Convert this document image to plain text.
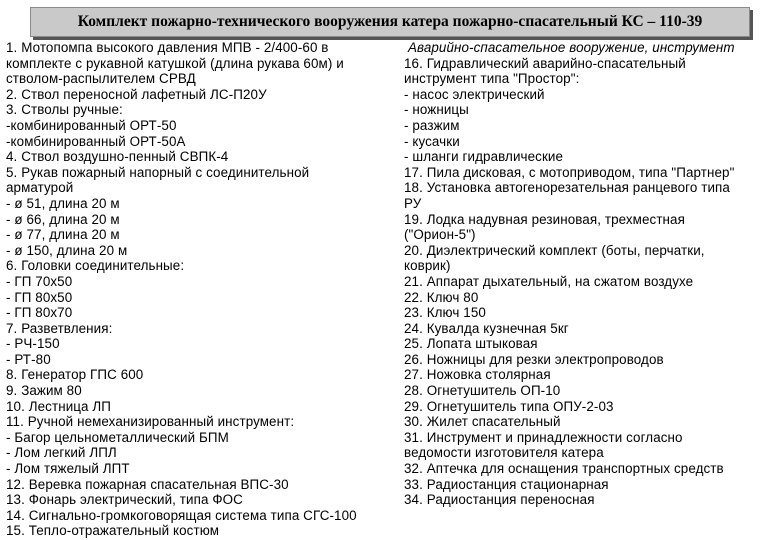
Комплект пожарно-технического вооружения катера пожарно-спасательный КС – 110-39
1. Мотопомпа высокого давления МПВ - 2/400-60 в
комплекте с рукавной катушкой (длина рукава 60м) и
стволом-распылителем СРВД
2. Ствол переносной лафетный ЛС-П20У
3. Стволы ручные:
-комбинированный ОРТ-50
-комбинированный ОРТ-50А
4. Ствол воздушно-пенный СВПК-4
5. Рукав пожарный напорный с соединительной
арматурой
- ø 51, длина 20 м
- ø 66, длина 20 м
- ø 77, длина 20 м
- ø 150, длина 20 м
6. Головки соединительные:
- ГП 70х50
- ГП 80х50
- ГП 80х70
7. Разветвления:
- РЧ-150
- РТ-80
8. Генератор ГПС 600
9. Зажим 80
10. Лестница ЛП
11. Ручной немеханизированный инструмент:
- Багор цельнометаллический БПМ
- Лом легкий ЛПЛ
- Лом тяжелый ЛПТ
12. Веревка пожарная спасательная ВПС-30
13. Фонарь электрический, типа ФОС
14. Сигнально-громкоговорящая система типа СГС-100
15. Тепло-отражательный костюм
Аварийно-спасательное вооружение, инструмент
16. Гидравлический аварийно-спасательный
инструмент типа "Простор":
- насос электрический
- ножницы
- разжим
- кусачки
- шланги гидравлические
17. Пила дисковая, с мотоприводом, типа "Партнер"
18. Установка автогенорезательная ранцевого типа
РУ
19. Лодка надувная резиновая, трехместная
("Орион-5")
20. Диэлектрический комплект (боты, перчатки,
коврик)
21. Аппарат дыхательный, на сжатом воздухе
22. Ключ 80
23. Ключ 150
24. Кувалда кузнечная 5кг
25. Лопата штыковая
26. Ножницы для резки электропроводов
27. Ножовка столярная
28. Огнетушитель ОП-10
29. Огнетушитель типа ОПУ-2-03
30. Жилет спасательный
31. Инструмент и принадлежности согласно
ведомости изготовителя катера
32. Аптечка для оснащения транспортных средств
33. Радиостанция стационарная
34. Радиостанция переносная
